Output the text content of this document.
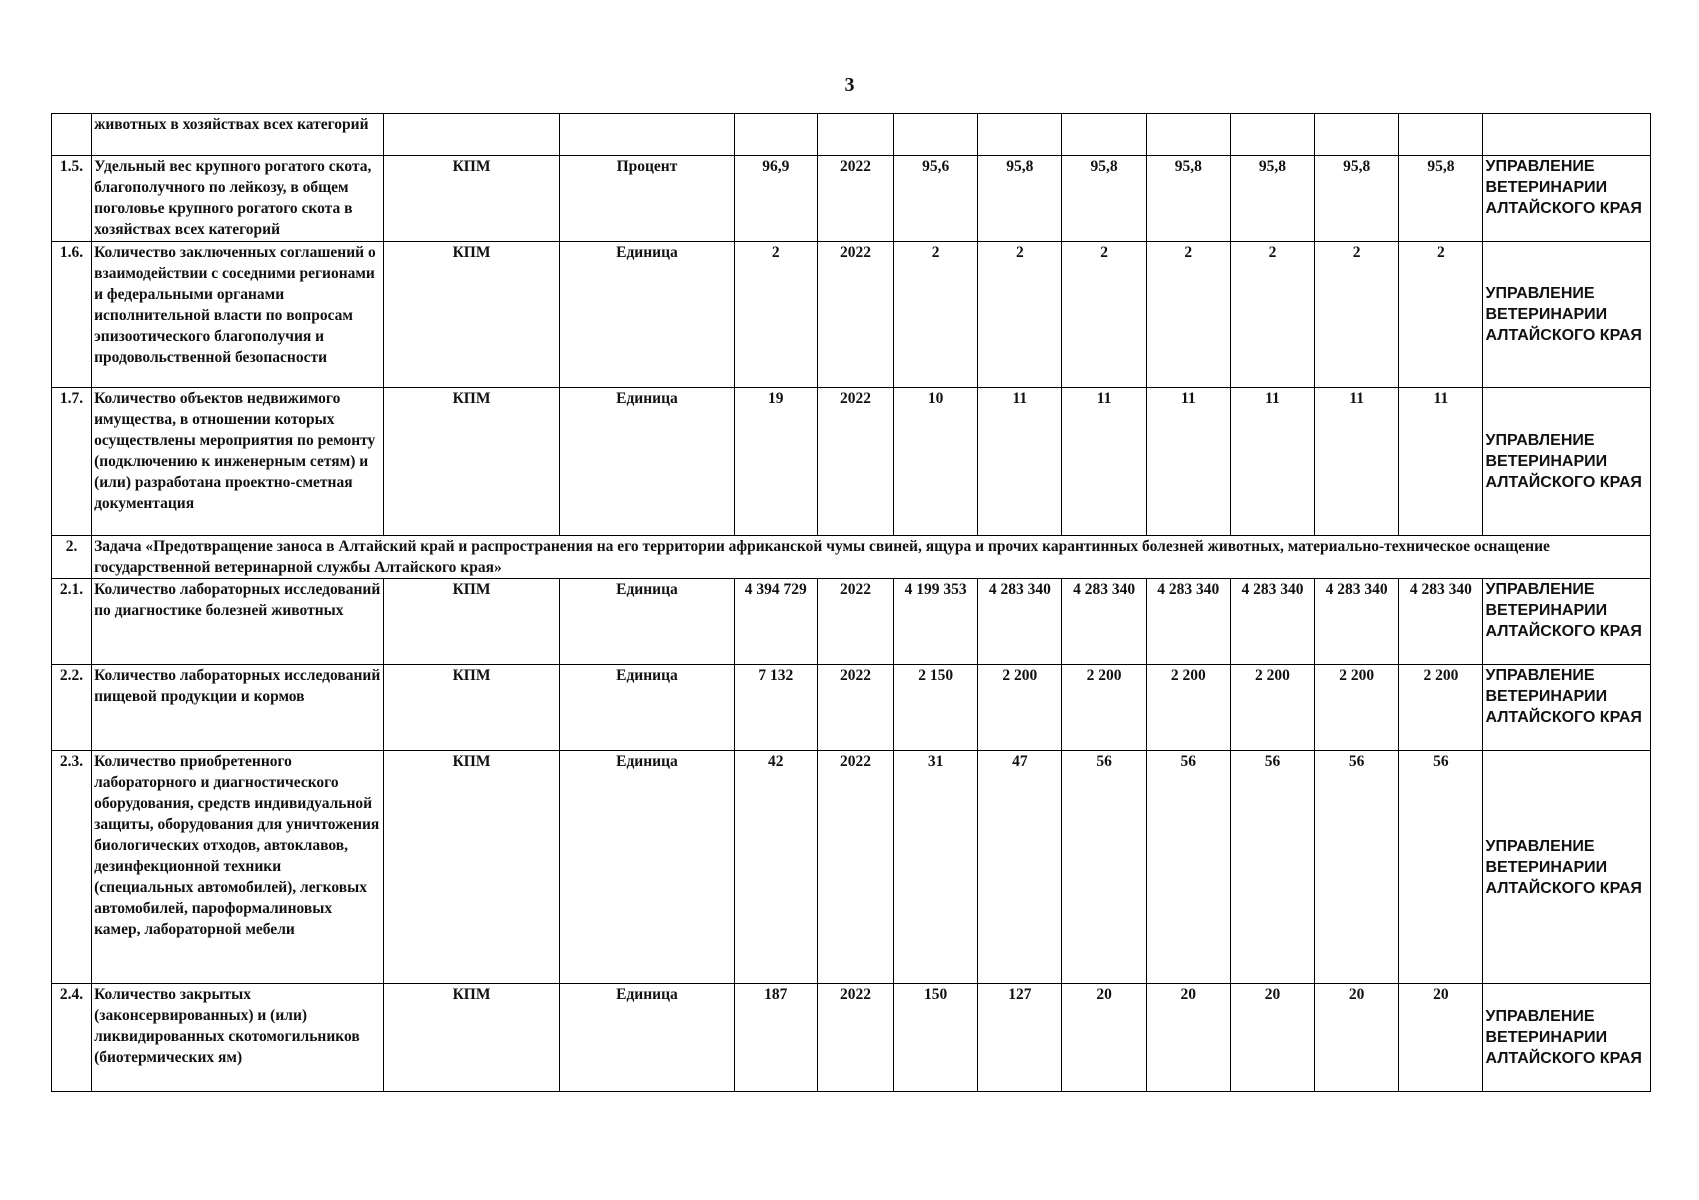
3
	животных в хозяйствах всех категорий												
1.5.	Удельный вес крупного рогатого скота, благополучного по лейкозу, в общем поголовье крупного рогатого скота в хозяйствах всех категорий	КПМ	Процент	96,9	2022	95,6	95,8	95,8	95,8	95,8	95,8	95,8	УПРАВЛЕНИЕ ВЕТЕРИНАРИИ АЛТАЙСКОГО КРАЯ
1.6.	Количество заключенных соглашений о взаимодействии с соседними регионами и федеральными органами исполнительной власти по вопросам эпизоотического благополучия и продовольственной безопасности	КПМ	Единица	2	2022	2	2	2	2	2	2	2	УПРАВЛЕНИЕ ВЕТЕРИНАРИИ АЛТАЙСКОГО КРАЯ
1.7.	Количество объектов недвижимого имущества, в отношении которых осуществлены мероприятия по ремонту (подключению к инженерным сетям) и (или) разработана проектно-сметная документация	КПМ	Единица	19	2022	10	11	11	11	11	11	11	УПРАВЛЕНИЕ ВЕТЕРИНАРИИ АЛТАЙСКОГО КРАЯ
2.	Задача «Предотвращение заноса в Алтайский край и распространения на его территории африканской чумы свиней, ящура и прочих карантинных болезней животных, материально-техническое оснащение государственной ветеринарной службы Алтайского края»												
2.1.	Количество лабораторных исследований по диагностике болезней животных	КПМ	Единица	4 394 729	2022	4 199 353	4 283 340	4 283 340	4 283 340	4 283 340	4 283 340	4 283 340	УПРАВЛЕНИЕ ВЕТЕРИНАРИИ АЛТАЙСКОГО КРАЯ
2.2.	Количество лабораторных исследований пищевой продукции и кормов	КПМ	Единица	7 132	2022	2 150	2 200	2 200	2 200	2 200	2 200	2 200	УПРАВЛЕНИЕ ВЕТЕРИНАРИИ АЛТАЙСКОГО КРАЯ
2.3.	Количество приобретенного лабораторного и диагностического оборудования, средств индивидуальной защиты, оборудования для уничтожения биологических отходов, автоклавов, дезинфекционной техники (специальных автомобилей), легковых автомобилей, пароформалиновых камер, лабораторной мебели	КПМ	Единица	42	2022	31	47	56	56	56	56	56	УПРАВЛЕНИЕ ВЕТЕРИНАРИИ АЛТАЙСКОГО КРАЯ
2.4.	Количество закрытых (законсервированных) и (или) ликвидированных скотомогильников (биотермических ям)	КПМ	Единица	187	2022	150	127	20	20	20	20	20	УПРАВЛЕНИЕ ВЕТЕРИНАРИИ АЛТАЙСКОГО КРАЯ
